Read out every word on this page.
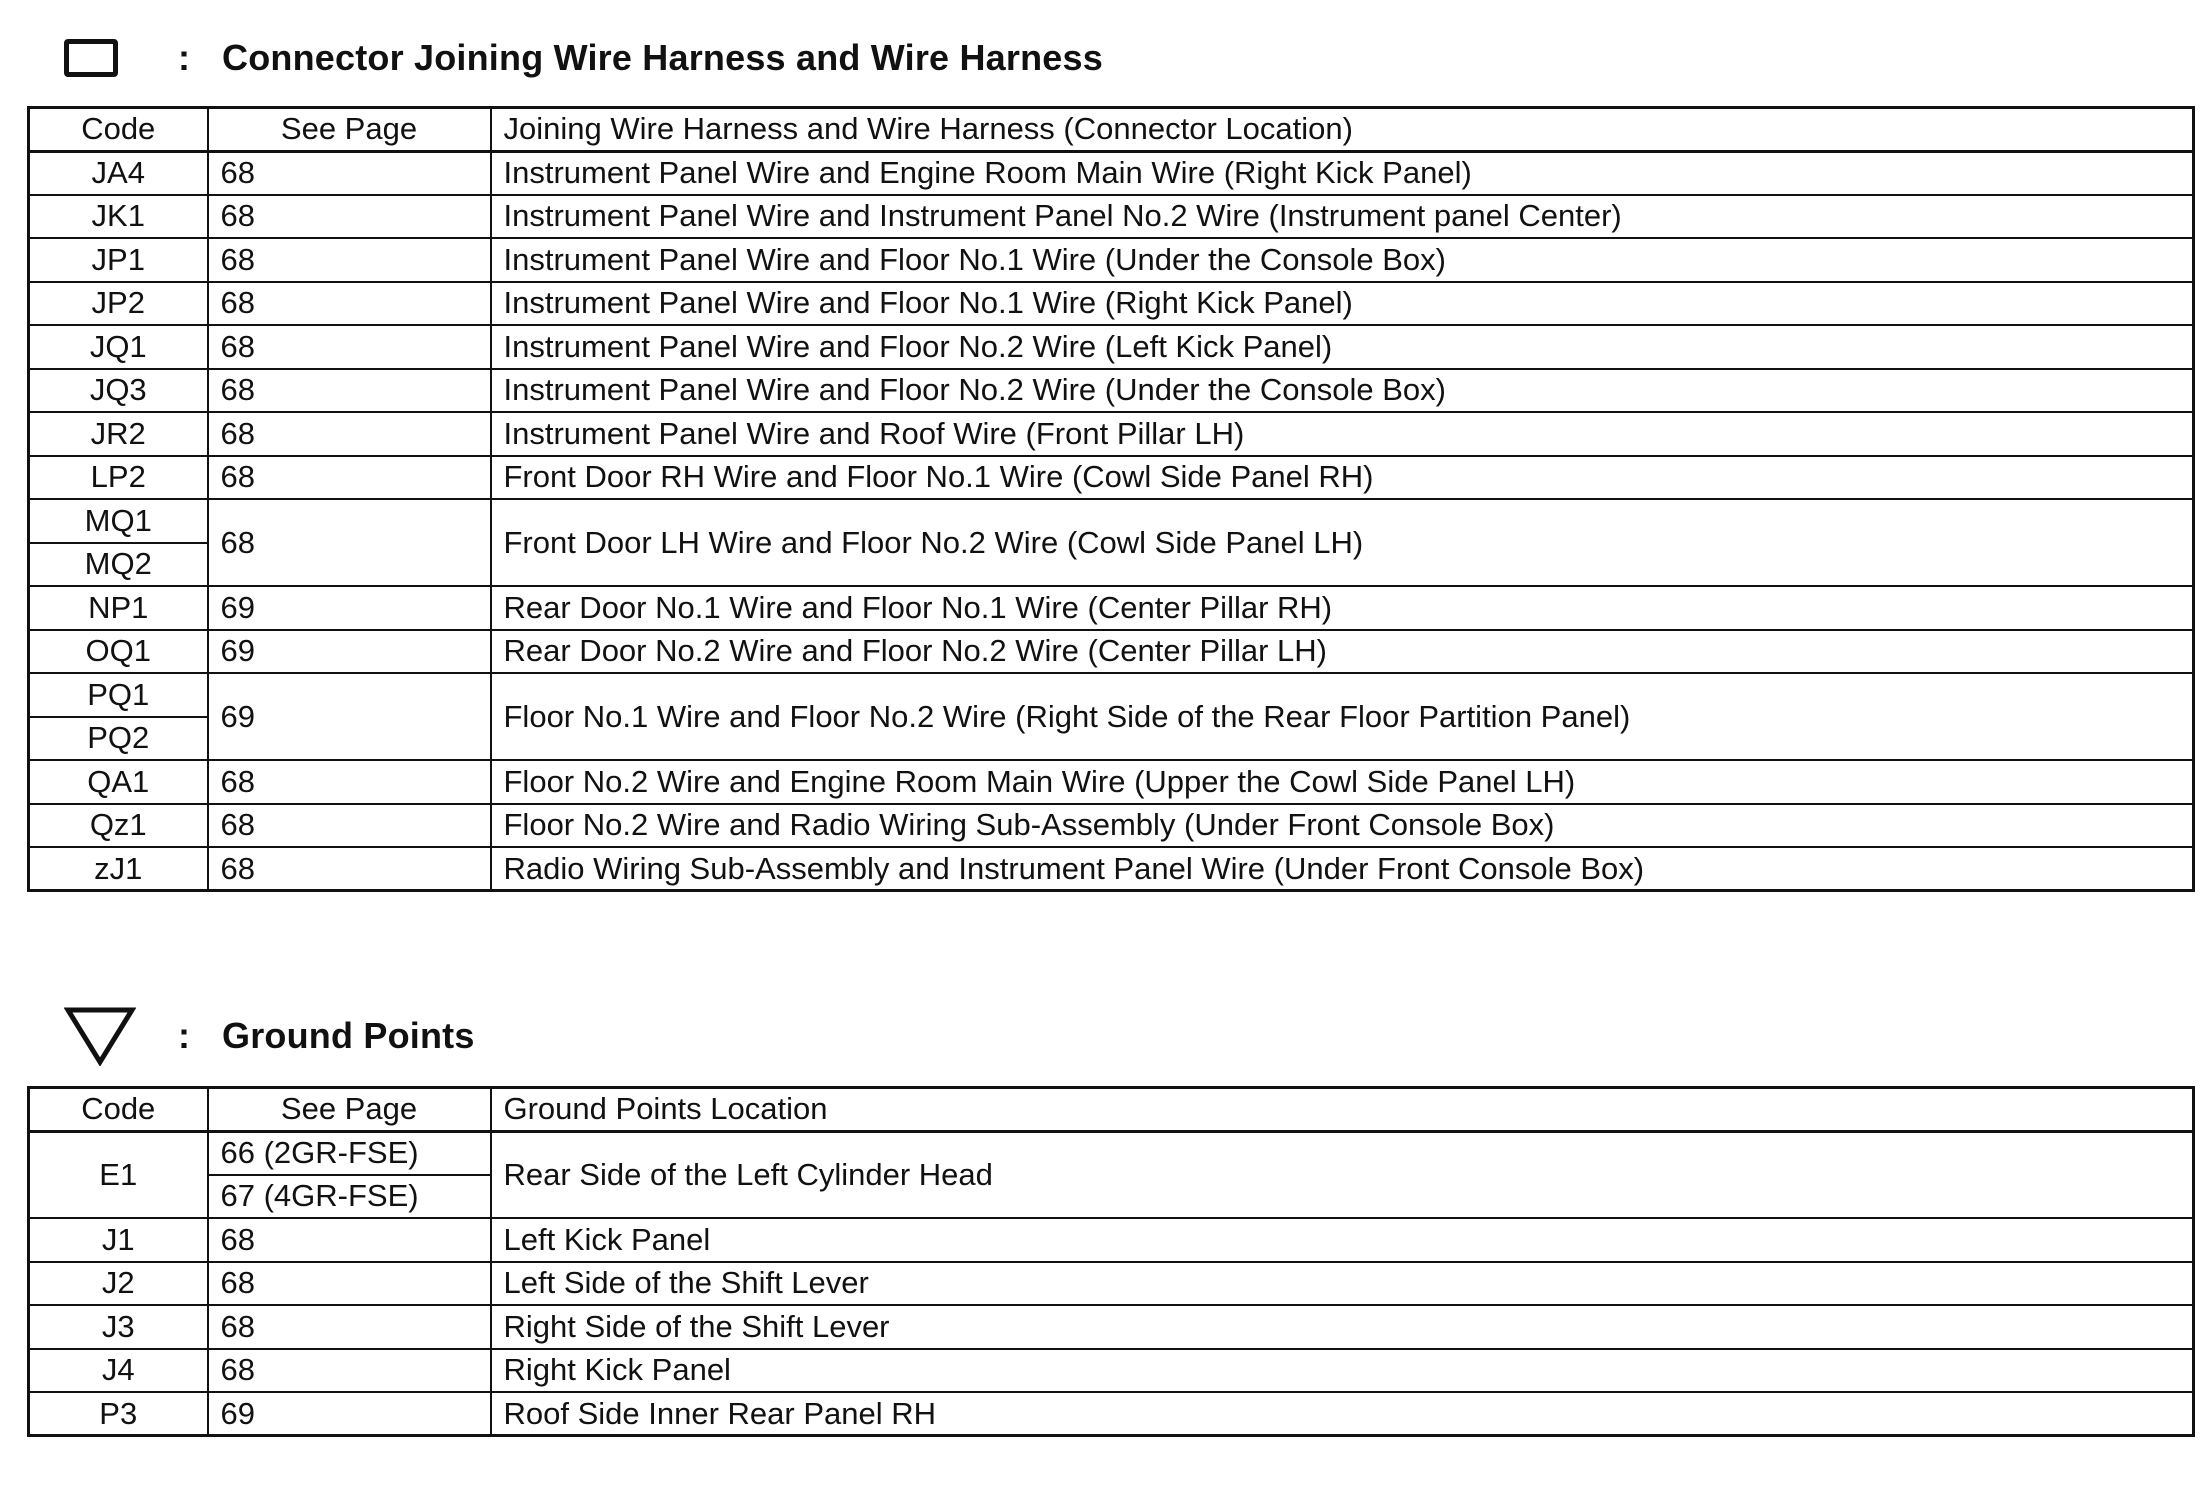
: Connector Joining Wire Harness and Wire Harness
Code	See Page	Joining Wire Harness and Wire Harness (Connector Location)
JA4	68	Instrument Panel Wire and Engine Room Main Wire (Right Kick Panel)
JK1	68	Instrument Panel Wire and Instrument Panel No.2 Wire (Instrument panel Center)
JP1	68	Instrument Panel Wire and Floor No.1 Wire (Under the Console Box)
JP2	68	Instrument Panel Wire and Floor No.1 Wire (Right Kick Panel)
JQ1	68	Instrument Panel Wire and Floor No.2 Wire (Left Kick Panel)
JQ3	68	Instrument Panel Wire and Floor No.2 Wire (Under the Console Box)
JR2	68	Instrument Panel Wire and Roof Wire (Front Pillar LH)
LP2	68	Front Door RH Wire and Floor No.1 Wire (Cowl Side Panel RH)
MQ1	68	Front Door LH Wire and Floor No.2 Wire (Cowl Side Panel LH)
MQ2		
NP1	69	Rear Door No.1 Wire and Floor No.1 Wire (Center Pillar RH)
OQ1	69	Rear Door No.2 Wire and Floor No.2 Wire (Center Pillar LH)
PQ1	69	Floor No.1 Wire and Floor No.2 Wire (Right Side of the Rear Floor Partition Panel)
PQ2		
QA1	68	Floor No.2 Wire and Engine Room Main Wire (Upper the Cowl Side Panel LH)
Qz1	68	Floor No.2 Wire and Radio Wiring Sub-Assembly (Under Front Console Box)
zJ1	68	Radio Wiring Sub-Assembly and Instrument Panel Wire (Under Front Console Box)
: Ground Points
Code	See Page	Ground Points Location
E1	66 (2GR-FSE)	Rear Side of the Left Cylinder Head
	67 (4GR-FSE)	
J1	68	Left Kick Panel
J2	68	Left Side of the Shift Lever
J3	68	Right Side of the Shift Lever
J4	68	Right Kick Panel
P3	69	Roof Side Inner Rear Panel RH
